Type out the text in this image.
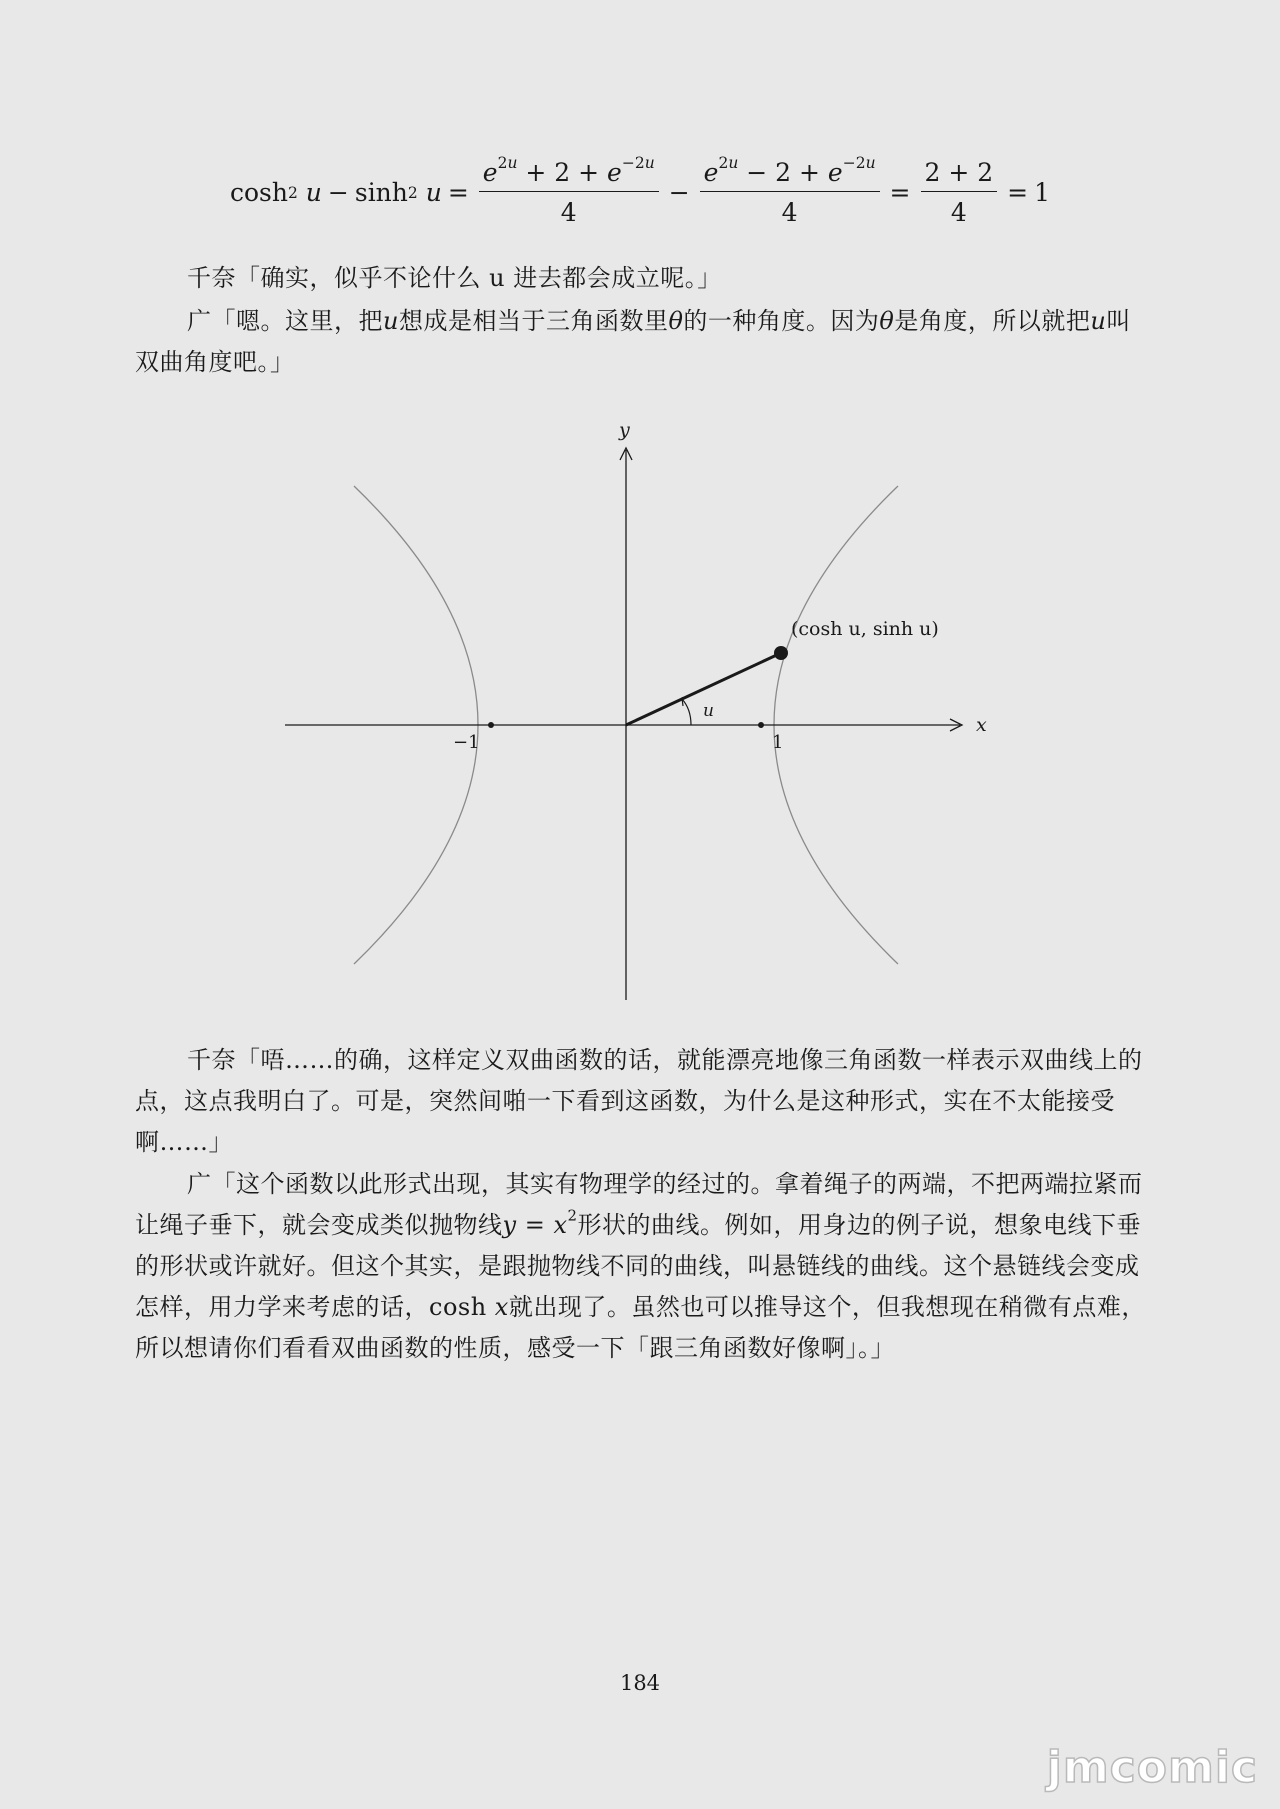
cosh 2
u − sinh 2
$u = \frac{e^{2u} + 2 + e^{-2u}}{4} - \frac{e^{2u} - 2 + e^{-2u}}{4} = \frac{2 + 2}{4} = 1$
千奈「确实，似乎不论什么 u 进去都会成立呢。」
广「嗯。这里，把u想成是相当于三角函数里θ的一种角度。因为θ是角度，所以就把u叫双曲角度吧。」
x
y
−1	1
(cosh u, sinh u)
u
千奈「唔……的确，这样定义双曲函数的话，就能漂亮地像三角函数一样表示双曲线上的点，这点我明白了。可是，突然间啪一下看到这函数，为什么是这种形式，实在不太能接受啊……」
广「这个函数以此形式出现，其实有物理学的经过的。拿着绳子的两端，不把两端拉紧而让绳子垂下，就会变成类似抛物线$y = x^2$形状的曲线。例如，用身边的例子说，想象电线下垂的形状或许就好。但这个其实，是跟抛物线不同的曲线，叫悬链线的曲线。这个悬链线会变成怎样，用力学来考虑的话，cosh x就出现了。虽然也可以推导这个，但我想现在稍微有点难，所以想请你们看看双曲函数的性质，感受一下「跟三角函数好像啊」。」
184
jmcomic
